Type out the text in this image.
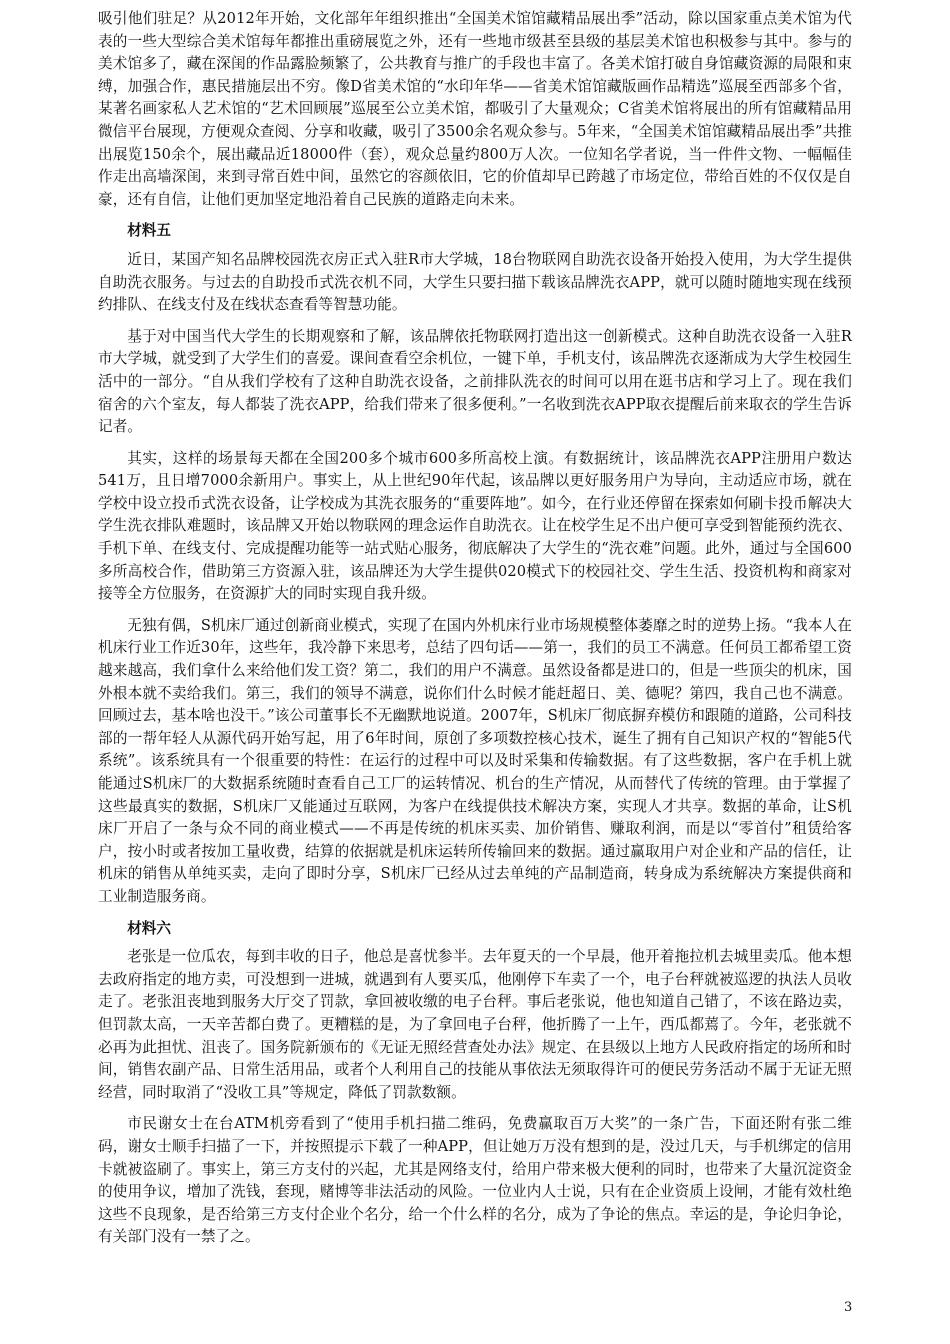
吸引他们驻足？从2012年开始，文化部年年组织推出“全国美术馆馆藏精品展出季”活动，除以国家重点美术馆为代表的一些大型综合美术馆每年都推出重磅展览之外，还有一些地市级甚至县级的基层美术馆也积极参与其中。参与的美术馆多了，藏在深闺的作品露脸频繁了，公共教育与推广的手段也丰富了。各美术馆打破自身馆藏资源的局限和束缚，加强合作，惠民措施层出不穷。像D省美术馆的“水印年华——省美术馆馆藏版画作品精选”巡展至西部多个省，某著名画家私人艺术馆的“艺术回顾展”巡展至公立美术馆，都吸引了大量观众；C省美术馆将展出的所有馆藏精品用微信平台展现，方便观众查阅、分享和收藏，吸引了3500余名观众参与。5年来，“全国美术馆馆藏精品展出季”共推出展览150余个，展出藏品近18000件（套），观众总量约800万人次。一位知名学者说，当一件件文物、一幅幅佳作走出高墙深闺，来到寻常百姓中间，虽然它的容颜依旧，它的价值却早已跨越了市场定位，带给百姓的不仅仅是自豪，还有自信，让他们更加坚定地沿着自己民族的道路走向未来。

材料五

近日，某国产知名品牌校园洗衣房正式入驻R市大学城，18台物联网自助洗衣设备开始投入使用，为大学生提供自助洗衣服务。与过去的自助投币式洗衣机不同，大学生只要扫描下载该品牌洗衣APP，就可以随时随地实现在线预约排队、在线支付及在线状态查看等智慧功能。

基于对中国当代大学生的长期观察和了解，该品牌依托物联网打造出这一创新模式。这种自助洗衣设备一入驻R市大学城，就受到了大学生们的喜爱。课间查看空余机位，一键下单，手机支付，该品牌洗衣逐渐成为大学生校园生活中的一部分。“自从我们学校有了这种自助洗衣设备，之前排队洗衣的时间可以用在逛书店和学习上了。现在我们宿舍的六个室友，每人都装了洗衣APP，给我们带来了很多便利。”一名收到洗衣APP取衣提醒后前来取衣的学生告诉记者。

其实，这样的场景每天都在全国200多个城市600多所高校上演。有数据统计，该品牌洗衣APP注册用户数达541万，且日增7000余新用户。事实上，从上世纪90年代起，该品牌以更好服务用户为导向，主动适应市场，就在学校中设立投币式洗衣设备，让学校成为其洗衣服务的“重要阵地”。如今，在行业还停留在探索如何刷卡投币解决大学生洗衣排队难题时，该品牌又开始以物联网的理念运作自助洗衣。让在校学生足不出户便可享受到智能预约洗衣、手机下单、在线支付、完成提醒功能等一站式贴心服务，彻底解决了大学生的“洗衣难”问题。此外，通过与全国600多所高校合作，借助第三方资源入驻，该品牌还为大学生提供020模式下的校园社交、学生生活、投资机构和商家对接等全方位服务，在资源扩大的同时实现自我升级。

无独有偶，S机床厂通过创新商业模式，实现了在国内外机床行业市场规模整体萎靡之时的逆势上扬。“我本人在机床行业工作近30年，这些年，我冷静下来思考，总结了四句话——第一，我们的员工不满意。任何员工都希望工资越来越高，我们拿什么来给他们发工资？第二，我们的用户不满意。虽然设备都是进口的，但是一些顶尖的机床，国外根本就不卖给我们。第三，我们的领导不满意，说你们什么时候才能赶超日、美、德呢？第四，我自己也不满意。回顾过去，基本啥也没干。”该公司董事长不无幽默地说道。2007年，S机床厂彻底摒弃模仿和跟随的道路，公司科技部的一帮年轻人从源代码开始写起，用了6年时间，原创了多项数控核心技术，诞生了拥有自己知识产权的“智能5代系统”。该系统具有一个很重要的特性：在运行的过程中可以及时采集和传输数据。有了这些数据，客户在手机上就能通过S机床厂的大数据系统随时查看自己工厂的运转情况、机台的生产情况，从而替代了传统的管理。由于掌握了这些最真实的数据，S机床厂又能通过互联网，为客户在线提供技术解决方案，实现人才共享。数据的革命，让S机床厂开启了一条与众不同的商业模式——不再是传统的机床买卖、加价销售、赚取利润，而是以“零首付”租赁给客户，按小时或者按加工量收费，结算的依据就是机床运转所传输回来的数据。通过赢取用户对企业和产品的信任，让机床的销售从单纯买卖，走向了即时分享，S机床厂已经从过去单纯的产品制造商，转身成为系统解决方案提供商和工业制造服务商。

材料六

老张是一位瓜农，每到丰收的日子，他总是喜忧参半。去年夏天的一个早晨，他开着拖拉机去城里卖瓜。他本想去政府指定的地方卖，可没想到一进城，就遇到有人要买瓜，他刚停下车卖了一个，电子台秤就被巡逻的执法人员收走了。老张沮丧地到服务大厅交了罚款，拿回被收缴的电子台秤。事后老张说，他也知道自己错了，不该在路边卖，但罚款太高，一天辛苦都白费了。更糟糕的是，为了拿回电子台秤，他折腾了一上午，西瓜都蔫了。今年，老张就不必再为此担忧、沮丧了。国务院新颁布的《无证无照经营查处办法》规定、在县级以上地方人民政府指定的场所和时间，销售农副产品、日常生活用品，或者个人利用自己的技能从事依法无须取得许可的便民劳务活动不属于无证无照经营，同时取消了“没收工具”等规定，降低了罚款数额。

市民谢女士在台ATM机旁看到了“使用手机扫描二维码，免费赢取百万大奖”的一条广告，下面还附有张二维码，谢女士顺手扫描了一下，并按照提示下载了一种APP，但让她万万没有想到的是，没过几天，与手机绑定的信用卡就被盗刷了。事实上，第三方支付的兴起，尤其是网络支付，给用户带来极大便利的同时，也带来了大量沉淀资金的使用争议，增加了洗钱，套现，赌博等非法活动的风险。一位业内人士说，只有在企业资质上设闸，才能有效杜绝这些不良现象，是否给第三方支付企业个名分，给一个什么样的名分，成为了争论的焦点。幸运的是，争论归争论，有关部门没有一禁了之。

3
